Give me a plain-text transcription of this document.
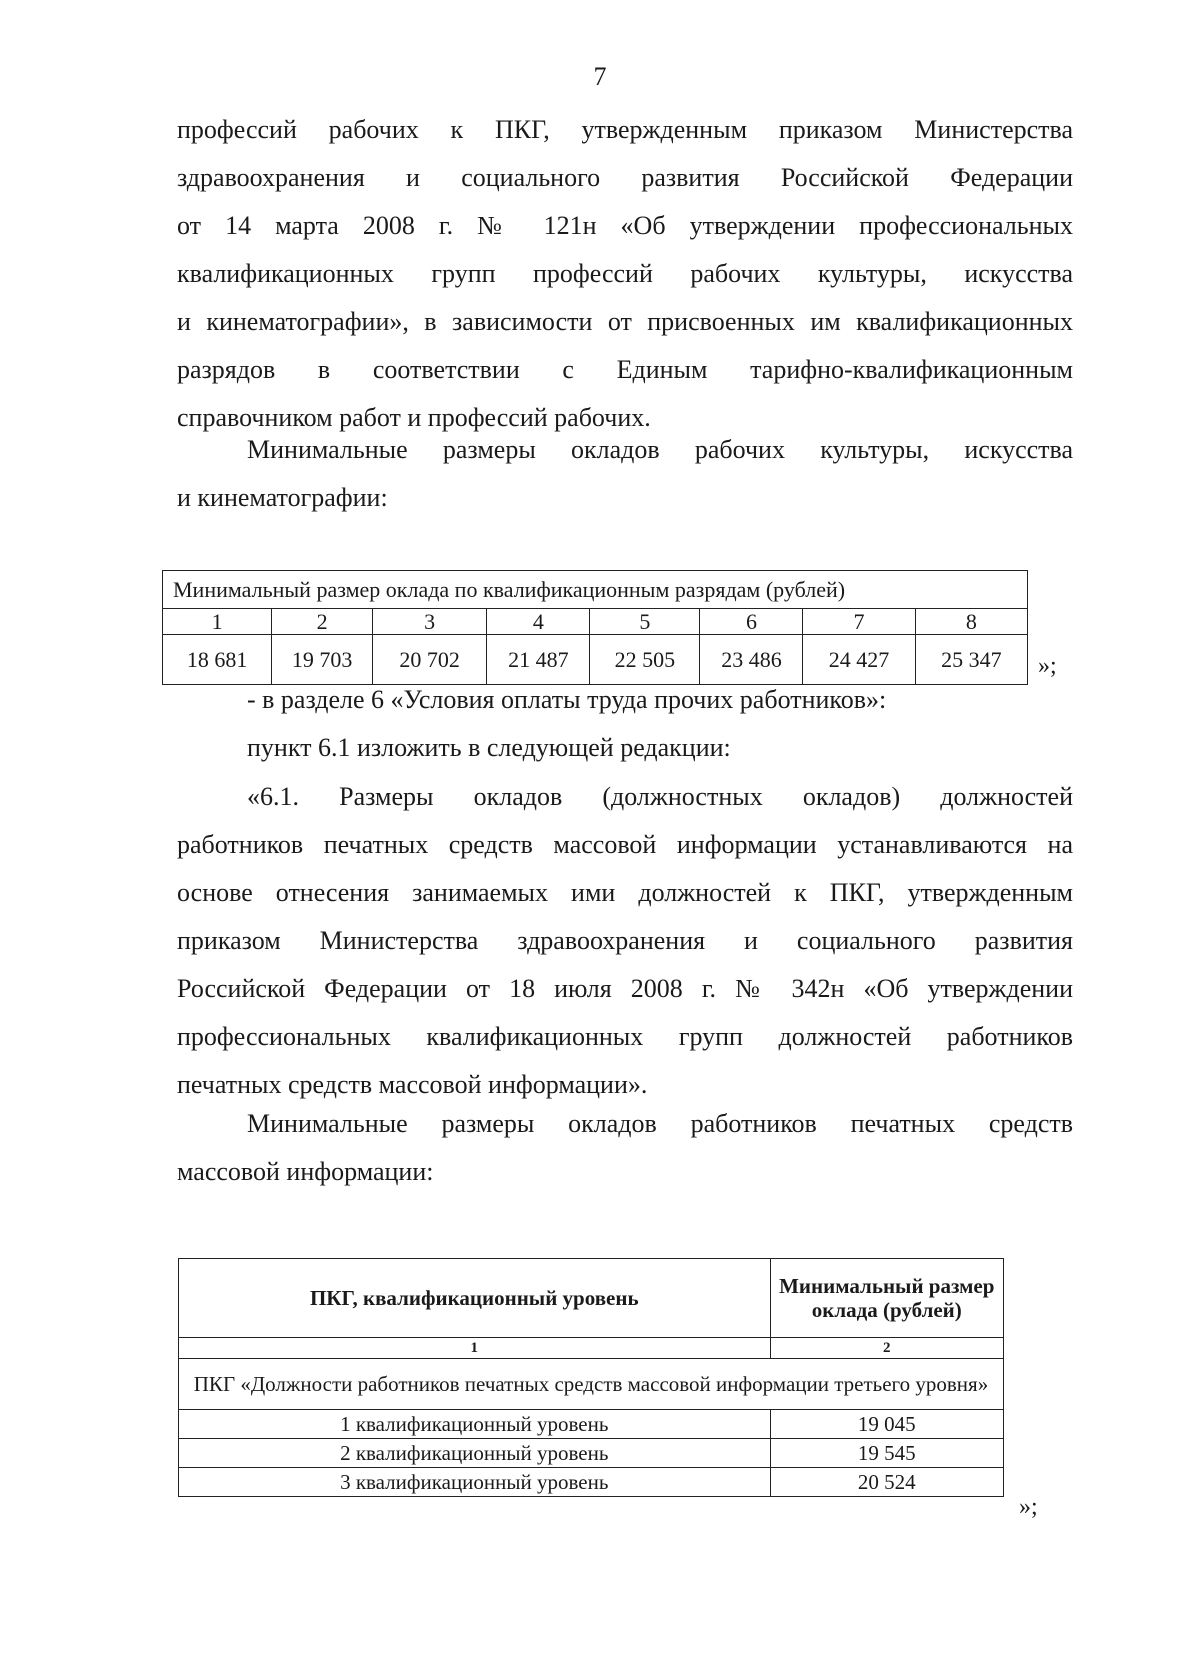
7
профессий рабочих к ПКГ, утвержденным приказом Министерства
здравоохранения и социального развития Российской Федерации
от 14 марта 2008 г. № 121н «Об утверждении профессиональных
квалификационных групп профессий рабочих культуры, искусства
и кинематографии», в зависимости от присвоенных им квалификационных
разрядов в соответствии с Единым тарифно-квалификационным
справочником работ и профессий рабочих.
Минимальные размеры окладов рабочих культуры, искусства
и кинематографии:
Минимальный размер оклада по квалификационным разрядам (рублей)							
1	2	3	4	5	6	7	8
18 681	19 703	20 702	21 487	22 505	23 486	24 427	25 347 »;
- в разделе 6 «Условия оплаты труда прочих работников»:
пункт 6.1 изложить в следующей редакции:
«6.1. Размеры окладов (должностных окладов) должностей
работников печатных средств массовой информации устанавливаются на
основе отнесения занимаемых ими должностей к ПКГ, утвержденным
приказом Министерства здравоохранения и социального развития
Российской Федерации от 18 июля 2008 г. № 342н «Об утверждении
профессиональных квалификационных групп должностей работников
печатных средств массовой информации».
Минимальные размеры окладов работников печатных средств
массовой информации:
ПКГ, квалификационный уровень	Минимальный размер оклада (рублей)
1	2
ПКГ «Должности работников печатных средств массовой информации третьего уровня»	
1 квалификационный уровень	19 045
2 квалификационный уровень	19 545
3 квалификационный уровень	20 524
»;
